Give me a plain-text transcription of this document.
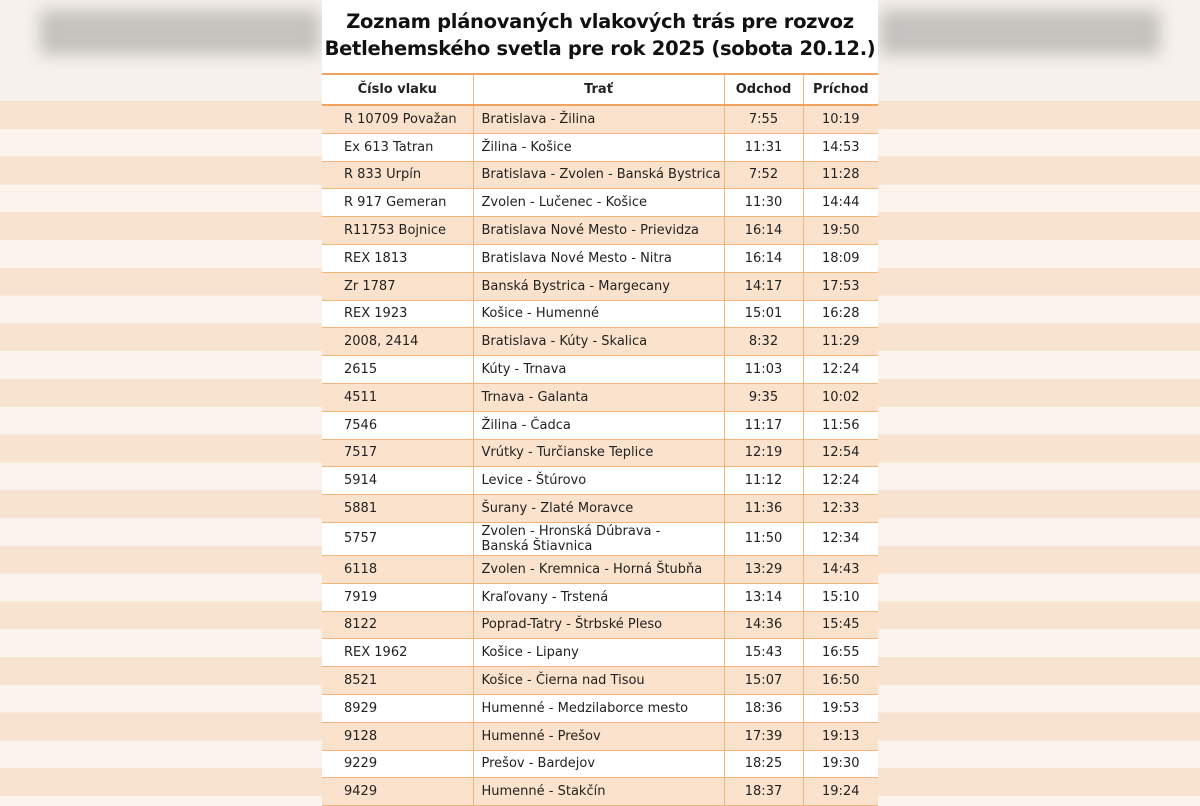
Zoznam plánovaných vlakových trás pre rozvoz
Betlehemského svetla pre rok 2025 (sobota 20.12.)
Číslo vlaku	Trať	Odchod	Príchod
R 10709 Považan	Bratislava - Žilina	7:55	10:19
Ex 613 Tatran	Žilina - Košice	11:31	14:53
R 833 Urpín	Bratislava - Zvolen - Banská Bystrica	7:52	11:28
R 917 Gemeran	Zvolen - Lučenec - Košice	11:30	14:44
R11753 Bojnice	Bratislava Nové Mesto - Prievidza	16:14	19:50
REX 1813	Bratislava Nové Mesto - Nitra	16:14	18:09
Zr 1787	Banská Bystrica - Margecany	14:17	17:53
REX 1923	Košice - Humenné	15:01	16:28
2008, 2414	Bratislava - Kúty - Skalica	8:32	11:29
2615	Kúty - Trnava	11:03	12:24
4511	Trnava - Galanta	9:35	10:02
7546	Žilina - Čadca	11:17	11:56
7517	Vrútky - Turčianske Teplice	12:19	12:54
5914	Levice - Štúrovo	11:12	12:24
5881	Šurany - Zlaté Moravce	11:36	12:33
5757	Zvolen - Hronská Dúbrava - Banská Štiavnica	11:50	12:34
6118	Zvolen - Kremnica - Horná Štubňa	13:29	14:43
7919	Kraľovany - Trstená	13:14	15:10
8122	Poprad-Tatry - Štrbské Pleso	14:36	15:45
REX 1962	Košice - Lipany	15:43	16:55
8521	Košice - Čierna nad Tisou	15:07	16:50
8929	Humenné - Medzilaborce mesto	18:36	19:53
9128	Humenné - Prešov	17:39	19:13
9229	Prešov - Bardejov	18:25	19:30
9429	Humenné - Stakčín	18:37	19:24
